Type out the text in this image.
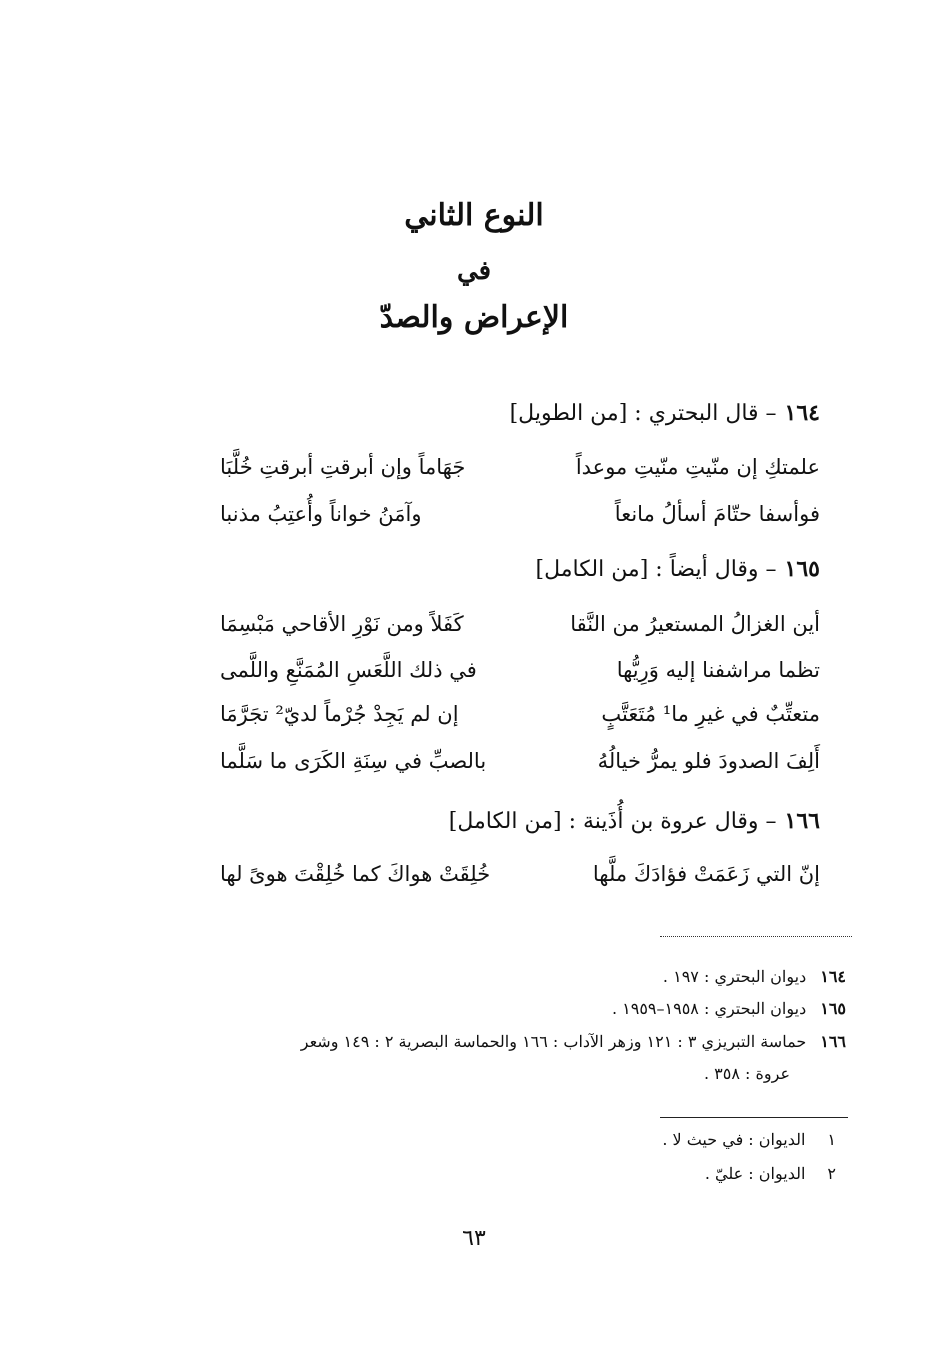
النوع الثاني
في
الإعراض والصدّ
١٦٤– قال البحتري : [من الطويل]
علمتكِ إن منّيتِ منّيتِ موعداً
جَهَاماً وإن أبرقتِ أبرقتِ خُلَّبَا
فوأسفا حتّامَ أسألُ مانعاً
وآمَنُ خواناً وأُعتِبُ مذنبا
١٦٥– وقال أيضاً : [من الكامل]
أين الغزالُ المستعيرُ من النَّقا
كَفَلاً ومن نَوْرِ الأقاحي مَبْسِمَا
تظما مراشفنا إليه وَرِيُّها
في ذلك اللَّعَسِ المُمَنَّعِ واللَّمى
متعتِّبٌ في غيرِ ما¹ مُتَعَتَّبٍ
إن لم يَجِدْ جُرْماً لديّ² تجَرَّمَا
أَلِفَ الصدودَ فلو يمرُّ خيالُهُ
بالصبِّ في سِنَةِ الكَرَى ما سَلَّما
١٦٦– وقال عروة بن أُذَينة : [من الكامل]
إنّ التي زَعَمَتْ فؤادَكَ ملَّها
خُلِقَتْ هواكَ كما خُلِقْتَ هوىً لها
١٦٤ديوان البحتري : ١٩٧ .
١٦٥ديوان البحتري : ١٩٥٨–١٩٥٩ .
١٦٦حماسة التبريزي ٣ : ١٢١ وزهر الآداب : ١٦٦ والحماسة البصرية ٢ : ١٤٩ وشعر
عروة : ٣٥٨ .
١الديوان : في حيث لا .
٢الديوان : عليّ .
٦٣
